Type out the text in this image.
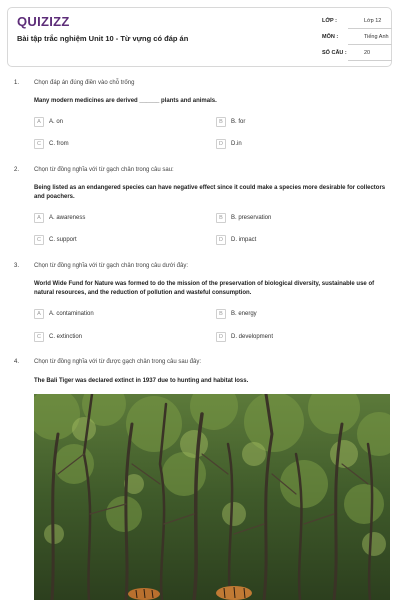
QUIZIZZ
Bài tập trắc nghiệm Unit 10 - Từ vựng có đáp án
LỚP :	Lớp 12
MÔN :	Tiếng Anh
SỐ CÂU :	20
1. Chọn đáp án đúng điền vào chỗ trống
Many modern medicines are derived ______ plants and animals.
A	A. on	B	B. for
C	C. from	D	D.in
2. Chọn từ đồng nghĩa với từ gạch chân trong câu sau:
Being listed as an endangered species can have negative effect since it could make a species more desirable for collectors and poachers.
A	A. awareness	B	B. preservation
C	C. support	D	D. impact
3. Chọn từ đồng nghĩa với từ gạch chân trong câu dưới đây:
World Wide Fund for Nature was formed to do the mission of the preservation of biological diversity, sustainable use of natural resources, and the reduction of pollution and wasteful consumption.
A	A. contamination	B	B. energy
C	C. extinction	D	D. development
4. Chọn từ đồng nghĩa với từ được gạch chân trong câu sau đây:
The Bali Tiger was declared extinct in 1937 due to hunting and habitat loss.
